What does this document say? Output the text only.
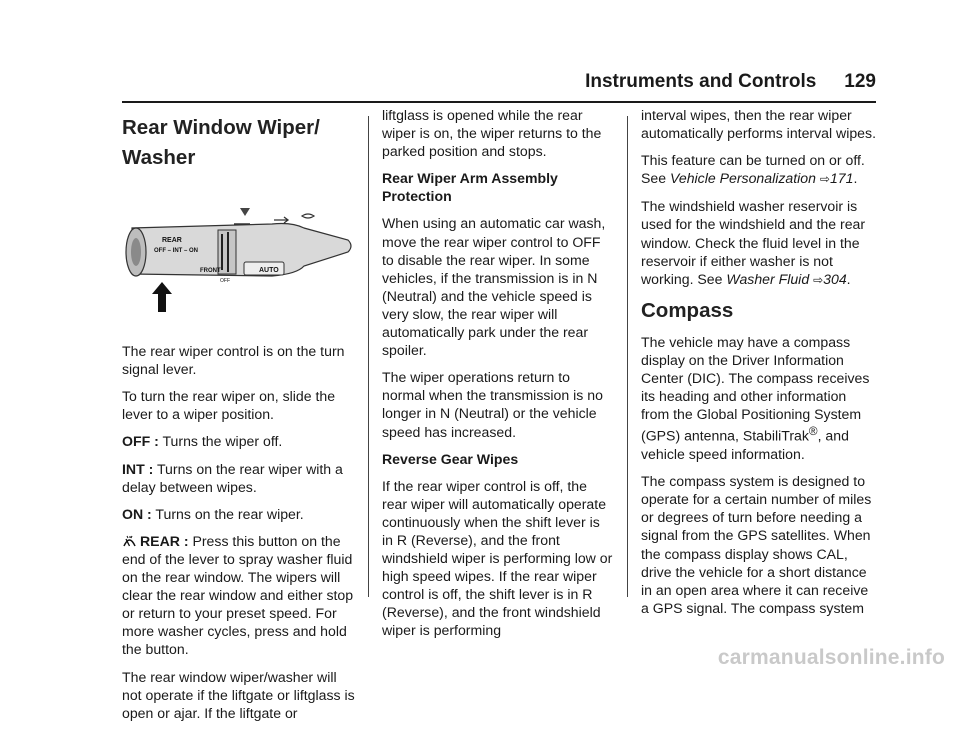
Instruments and Controls 129
Rear Window Wiper/
Washer
REAR
OFF – INT – ON
FRONT	AUTO
OFF

The rear wiper control is on the turn signal lever.

To turn the rear wiper on, slide the lever to a wiper position.

OFF : Turns the wiper off.

INT : Turns on the rear wiper with a delay between wipes.

ON : Turns on the rear wiper.

REAR : Press this button on the end of the lever to spray washer fluid on the rear window. The wipers will clear the rear window and either stop or return to your preset speed. For more washer cycles, press and hold the button.

The rear window wiper/washer will not operate if the liftgate or liftglass is open or ajar. If the liftgate or

liftglass is opened while the rear wiper is on, the wiper returns to the parked position and stops.

Rear Wiper Arm Assembly Protection

When using an automatic car wash, move the rear wiper control to OFF to disable the rear wiper. In some vehicles, if the transmission is in N (Neutral) and the vehicle speed is very slow, the rear wiper will automatically park under the rear spoiler.

The wiper operations return to normal when the transmission is no longer in N (Neutral) or the vehicle speed has increased.

Reverse Gear Wipes

If the rear wiper control is off, the rear wiper will automatically operate continuously when the shift lever is in R (Reverse), and the front windshield wiper is performing low or high speed wipes. If the rear wiper control is off, the shift lever is in R (Reverse), and the front windshield wiper is performing

interval wipes, then the rear wiper automatically performs interval wipes.

This feature can be turned on or off. See Vehicle Personalization ⇨171.

The windshield washer reservoir is used for the windshield and the rear window. Check the fluid level in the reservoir if either washer is not working. See Washer Fluid ⇨304.

Compass

The vehicle may have a compass display on the Driver Information Center (DIC). The compass receives its heading and other information from the Global Positioning System (GPS) antenna, StabiliTrak®, and vehicle speed information.

The compass system is designed to operate for a certain number of miles or degrees of turn before needing a signal from the GPS satellites. When the compass display shows CAL, drive the vehicle for a short distance in an open area where it can receive a GPS signal. The compass system

carmanualsonline.info
